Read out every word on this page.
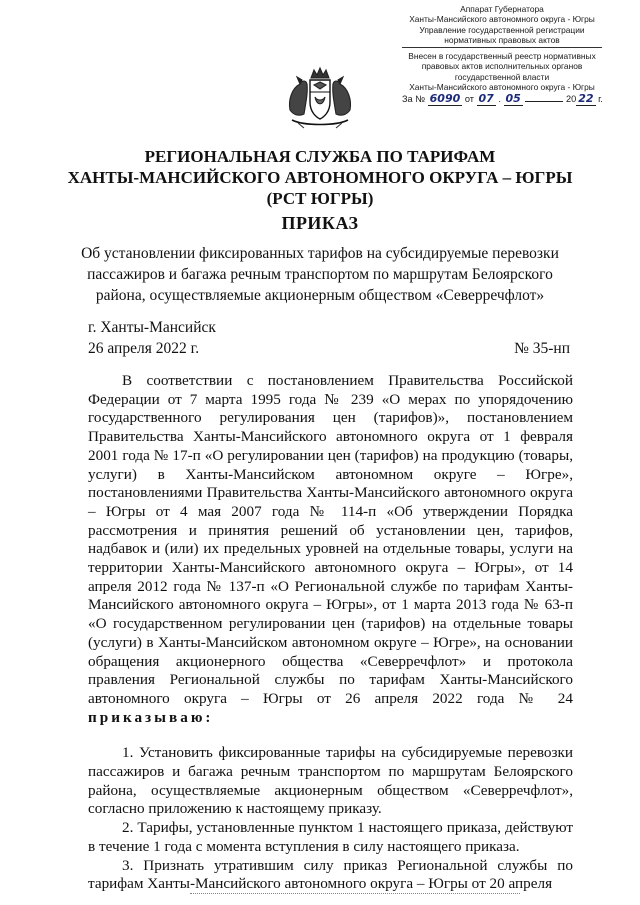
Аппарат Губернатора
Ханты-Мансийского автономного округа - Югры
Управление государственной регистрации
нормативных правовых актов
Внесен в государственный реестр нормативных
правовых актов исполнительных органов
государственной власти
Ханты-Мансийского автономного округа - Югры
За № 6090 от 07 . 05	20 22 г.
РЕГИОНАЛЬНАЯ СЛУЖБА ПО ТАРИФАМ
ХАНТЫ-МАНСИЙСКОГО АВТОНОМНОГО ОКРУГА – ЮГРЫ
(РСТ ЮГРЫ)
ПРИКАЗ
Об установлении фиксированных тарифов на субсидируемые перевозки
пассажиров и багажа речным транспортом по маршрутам Белоярского
района, осуществляемые акционерным обществом «Северречфлот»
г. Ханты-Мансийск
26 апреля 2022 г.	№ 35-нп

В соответствии с постановлением Правительства Российской Федерации от 7 марта 1995 года № 239 «О мерах по упорядочению государственного регулирования цен (тарифов)», постановлением Правительства Ханты-Мансийского автономного округа от 1 февраля 2001 года № 17-п «О регулировании цен (тарифов) на продукцию (товары, услуги) в Ханты-Мансийском автономном округе – Югре», постановлениями Правительства Ханты-Мансийского автономного округа – Югры от 4 мая 2007 года № 114-п «Об утверждении Порядка рассмотрения и принятия решений об установлении цен, тарифов, надбавок и (или) их предельных уровней на отдельные товары, услуги на территории Ханты-Мансийского автономного округа – Югры», от 14 апреля 2012 года № 137-п «О Региональной службе по тарифам Ханты-Мансийского автономного округа – Югры», от 1 марта 2013 года № 63-п «О государственном регулировании цен (тарифов) на отдельные товары (услуги) в Ханты-Мансийском автономном округе – Югре», на основании обращения акционерного общества «Северречфлот» и протокола правления Региональной службы по тарифам Ханты-Мансийского автономного округа – Югры от 26 апреля 2022 года № 24 приказываю:

1. Установить фиксированные тарифы на субсидируемые перевозки пассажиров и багажа речным транспортом по маршрутам Белоярского района, осуществляемые акционерным обществом «Северречфлот», согласно приложению к настоящему приказу.

2. Тарифы, установленные пунктом 1 настоящего приказа, действуют в течение 1 года с момента вступления в силу настоящего приказа.

3. Признать утратившим силу приказ Региональной службы по тарифам Ханты-Мансийского автономного округа – Югры от 20 апреля
